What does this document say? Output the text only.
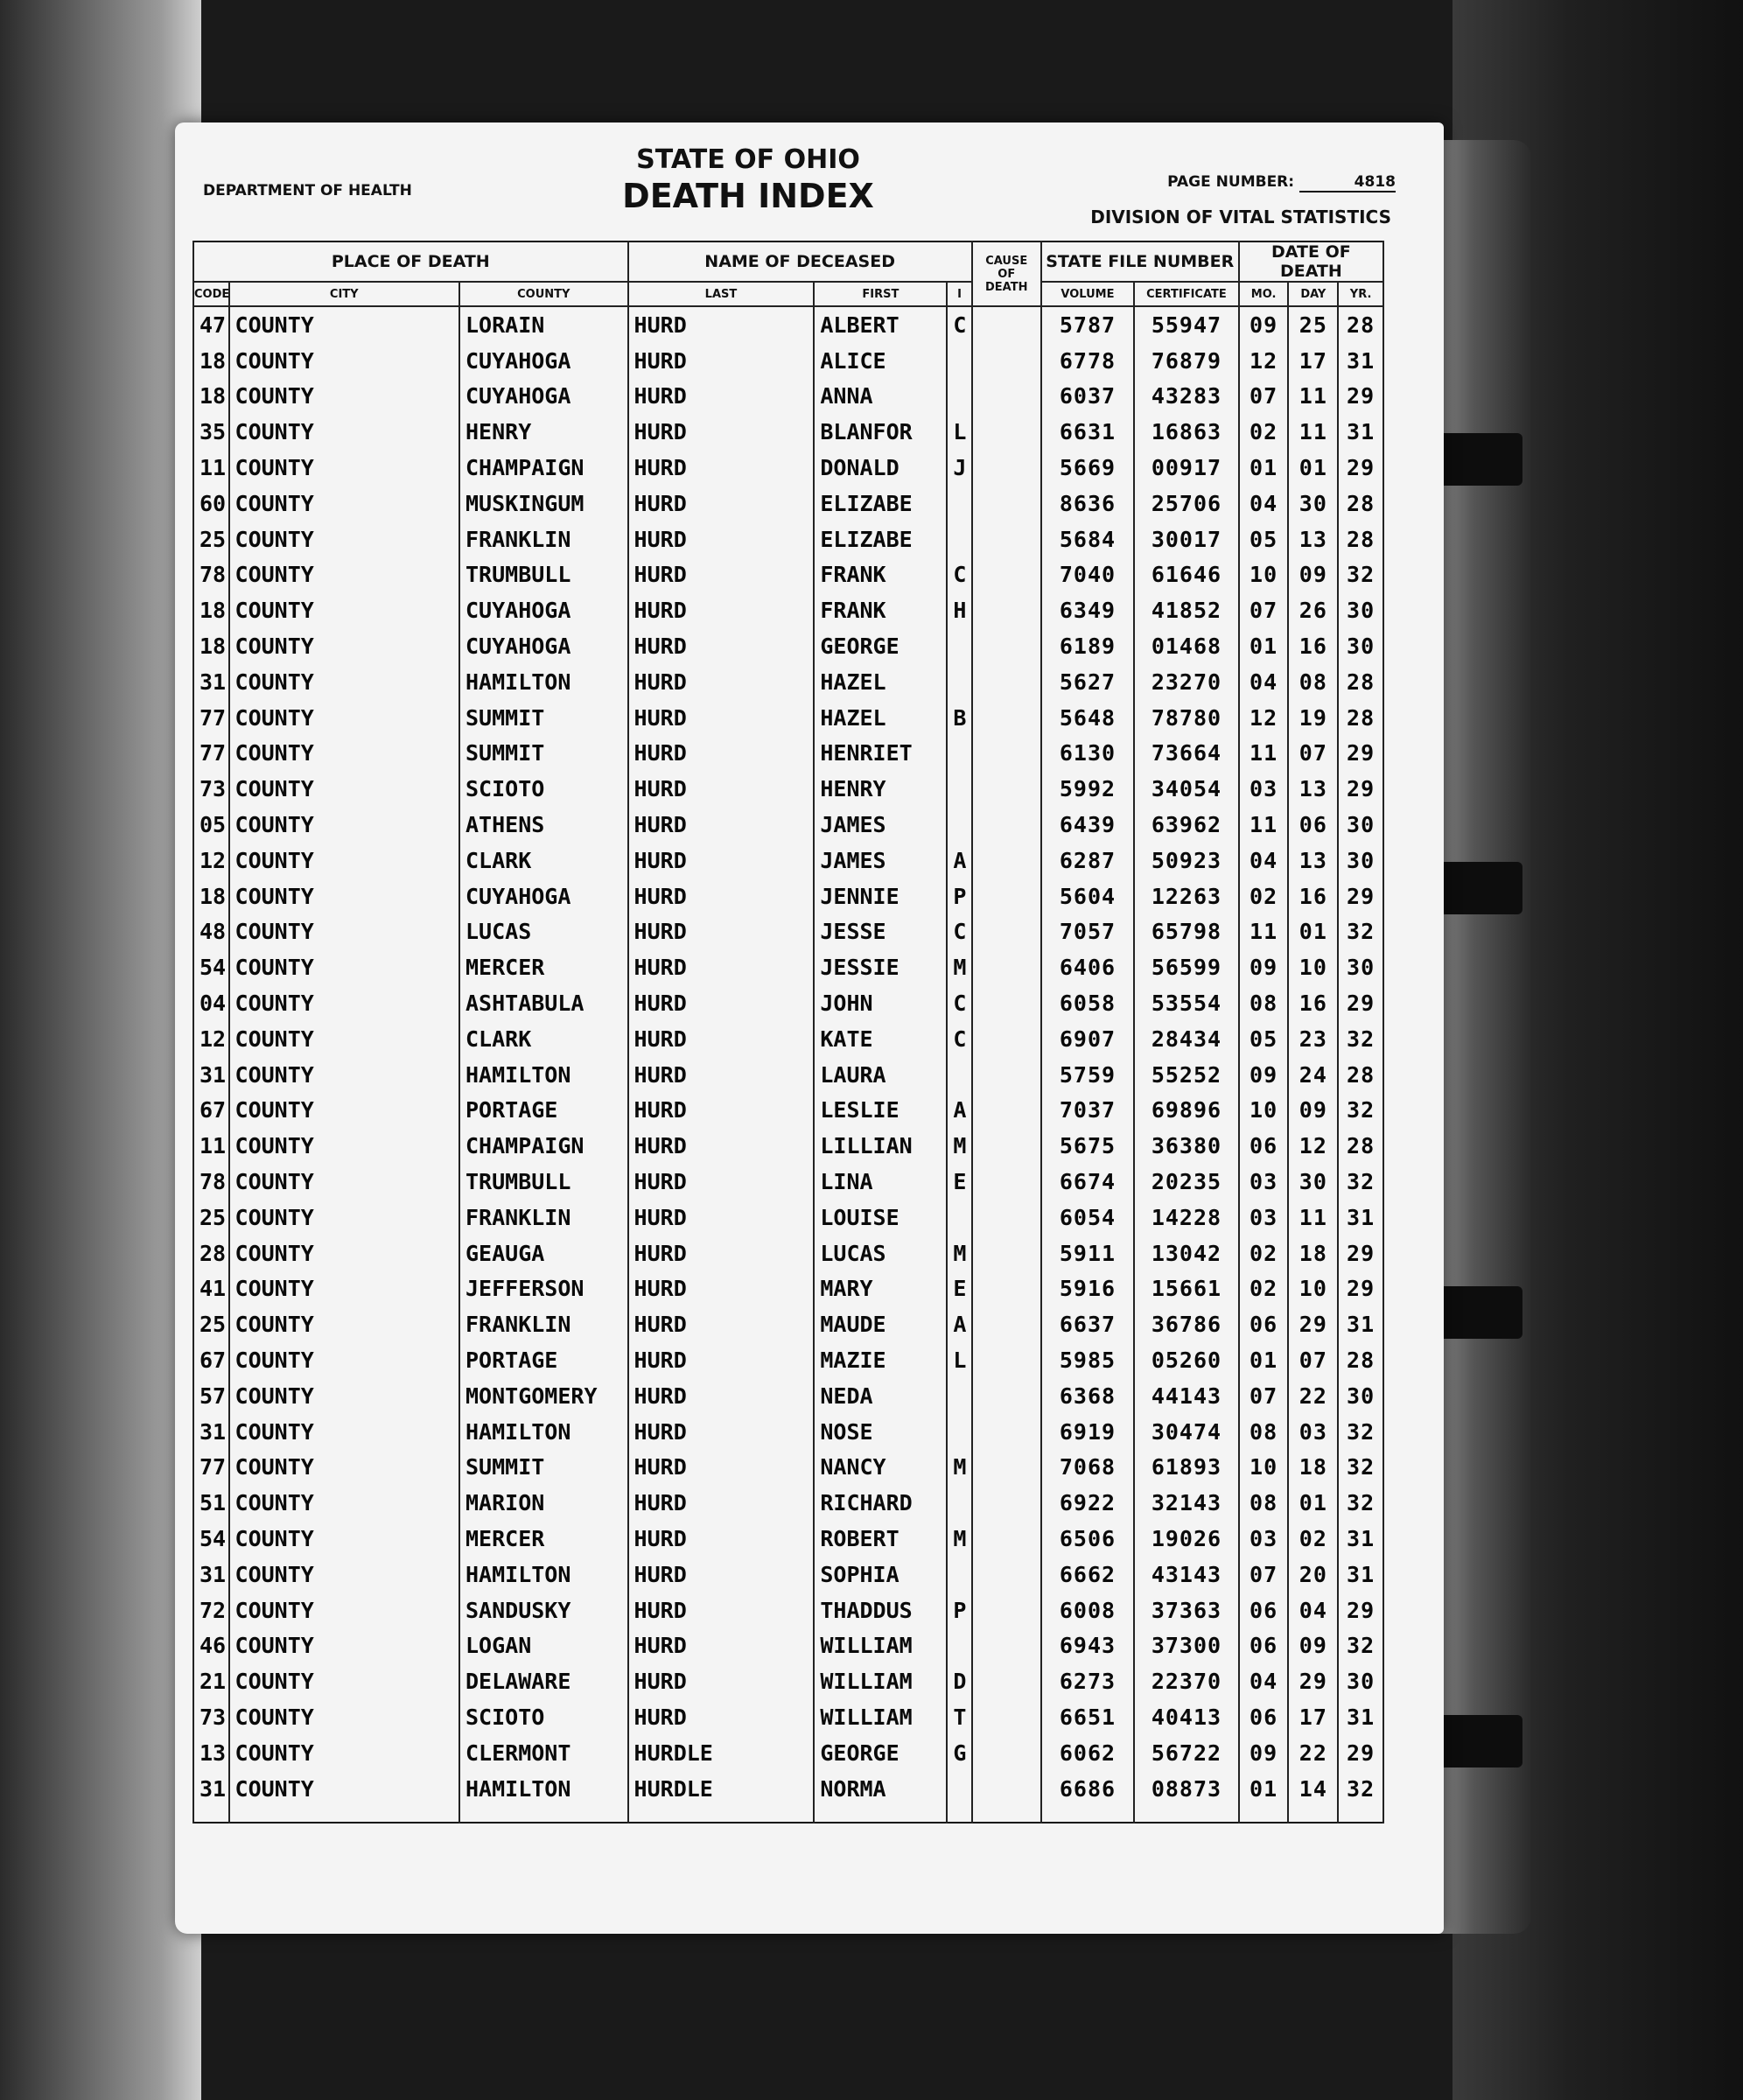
DEPARTMENT OF HEALTH
STATE OF OHIO
DEATH INDEX	PAGE NUMBER:	4818
DIVISION OF VITAL STATISTICS
PLACE OF DEATH			NAME OF DECEASED			CAUSE
OF
DEATH	STATE FILE NUMBER		DATE OF DEATH		
CODE	CITY	COUNTY	LAST	FIRST	I		VOLUME	CERTIFICATE	MO.	DAY	YR.
47	COUNTY	LORAIN	HURD	ALBERT	C		5787	55947	09	25	28
18	COUNTY	CUYAHOGA	HURD	ALICE			6778	76879	12	17	31
18	COUNTY	CUYAHOGA	HURD	ANNA			6037	43283	07	11	29
35	COUNTY	HENRY	HURD	BLANFOR	L		6631	16863	02	11	31
11	COUNTY	CHAMPAIGN	HURD	DONALD	J		5669	00917	01	01	29
60	COUNTY	MUSKINGUM	HURD	ELIZABE			8636	25706	04	30	28
25	COUNTY	FRANKLIN	HURD	ELIZABE			5684	30017	05	13	28
78	COUNTY	TRUMBULL	HURD	FRANK	C		7040	61646	10	09	32
18	COUNTY	CUYAHOGA	HURD	FRANK	H		6349	41852	07	26	30
18	COUNTY	CUYAHOGA	HURD	GEORGE			6189	01468	01	16	30
31	COUNTY	HAMILTON	HURD	HAZEL			5627	23270	04	08	28
77	COUNTY	SUMMIT	HURD	HAZEL	B		5648	78780	12	19	28
77	COUNTY	SUMMIT	HURD	HENRIET			6130	73664	11	07	29
73	COUNTY	SCIOTO	HURD	HENRY			5992	34054	03	13	29
05	COUNTY	ATHENS	HURD	JAMES			6439	63962	11	06	30
12	COUNTY	CLARK	HURD	JAMES	A		6287	50923	04	13	30
18	COUNTY	CUYAHOGA	HURD	JENNIE	P		5604	12263	02	16	29
48	COUNTY	LUCAS	HURD	JESSE	C		7057	65798	11	01	32
54	COUNTY	MERCER	HURD	JESSIE	M		6406	56599	09	10	30
04	COUNTY	ASHTABULA	HURD	JOHN	C		6058	53554	08	16	29
12	COUNTY	CLARK	HURD	KATE	C		6907	28434	05	23	32
31	COUNTY	HAMILTON	HURD	LAURA			5759	55252	09	24	28
67	COUNTY	PORTAGE	HURD	LESLIE	A		7037	69896	10	09	32
11	COUNTY	CHAMPAIGN	HURD	LILLIAN	M		5675	36380	06	12	28
78	COUNTY	TRUMBULL	HURD	LINA	E		6674	20235	03	30	32
25	COUNTY	FRANKLIN	HURD	LOUISE			6054	14228	03	11	31
28	COUNTY	GEAUGA	HURD	LUCAS	M		5911	13042	02	18	29
41	COUNTY	JEFFERSON	HURD	MARY	E		5916	15661	02	10	29
25	COUNTY	FRANKLIN	HURD	MAUDE	A		6637	36786	06	29	31
67	COUNTY	PORTAGE	HURD	MAZIE	L		5985	05260	01	07	28
57	COUNTY	MONTGOMERY	HURD	NEDA			6368	44143	07	22	30
31	COUNTY	HAMILTON	HURD	NOSE			6919	30474	08	03	32
77	COUNTY	SUMMIT	HURD	NANCY	M		7068	61893	10	18	32
51	COUNTY	MARION	HURD	RICHARD			6922	32143	08	01	32
54	COUNTY	MERCER	HURD	ROBERT	M		6506	19026	03	02	31
31	COUNTY	HAMILTON	HURD	SOPHIA			6662	43143	07	20	31
72	COUNTY	SANDUSKY	HURD	THADDUS	P		6008	37363	06	04	29
46	COUNTY	LOGAN	HURD	WILLIAM			6943	37300	06	09	32
21	COUNTY	DELAWARE	HURD	WILLIAM	D		6273	22370	04	29	30
73	COUNTY	SCIOTO	HURD	WILLIAM	T		6651	40413	06	17	31
13	COUNTY	CLERMONT	HURDLE	GEORGE	G		6062	56722	09	22	29
31	COUNTY	HAMILTON	HURDLE	NORMA			6686	08873	01	14	32
